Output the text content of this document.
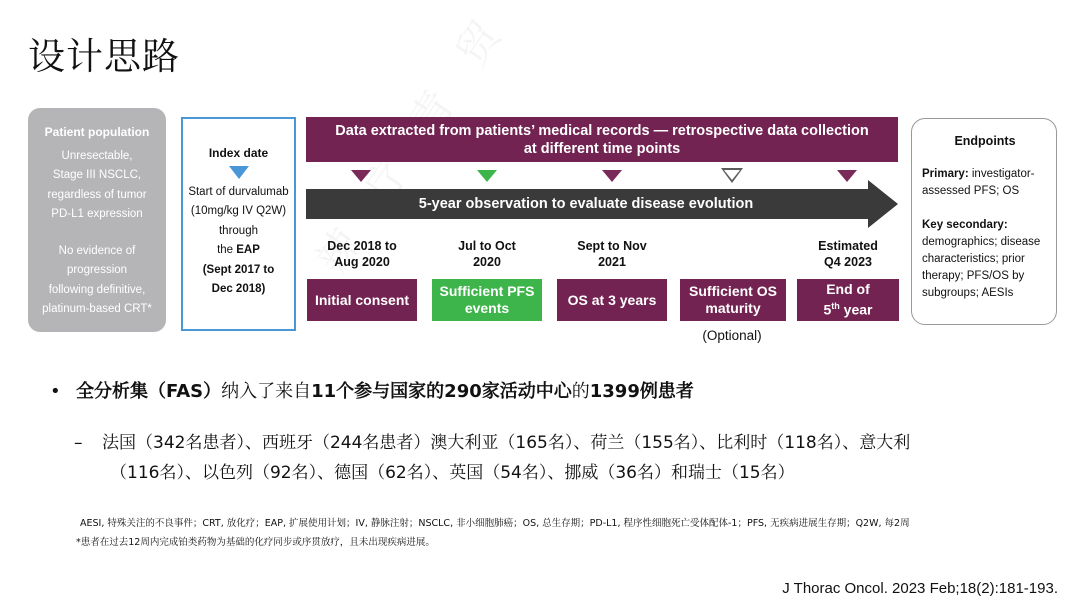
设计思路
Patient population
Unresectable,
Stage III NSCLC,
regardless of tumor
PD-L1 expression
No evidence of
progression
following definitive,
platinum-based CRT*
Index date
Start of durvalumab
(10mg/kg IV Q2W)
through
the EAP
(Sept 2017 to
Dec 2018)
Data extracted from patients’ medical records — retrospective data collection
at different time points
5-year observation to evaluate disease evolution
Dec 2018 to
Aug 2020
Jul to Oct
2020
Sept to Nov
2021
Estimated
Q4 2023
Initial consent
Sufficient PFS
events
OS at 3 years
Sufficient OS
maturity
End of
5th year
(Optional)
Endpoints
Primary: investigator-assessed PFS; OS
Key secondary:
demographics; disease characteristics; prior therapy; PFS/OS by subgroups; AESIs
• 全分析集（FAS）纳入了来自11个参与国家的290家活动中心的1399例患者
– 法国（342名患者）、西班牙（244名患者）澳大利亚（165名）、荷兰（155名）、比利时（118名）、意大利
（116名）、以色列（92名）、德国（62名）、英国（54名）、挪威（36名）和瑞士（15名）
AESI, 特殊关注的不良事件；CRT, 放化疗；EAP, 扩展使用计划；IV, 静脉注射；NSCLC, 非小细胞肺癌；OS, 总生存期；PD-L1, 程序性细胞死亡受体配体-1；PFS, 无疾病进展生存期；Q2W, 每2周
*患者在过去12周内完成铂类药物为基础的化疗同步或序贯放疗，且未出现疾病进展。
J Thorac Oncol. 2023 Feb;18(2):181-193.
